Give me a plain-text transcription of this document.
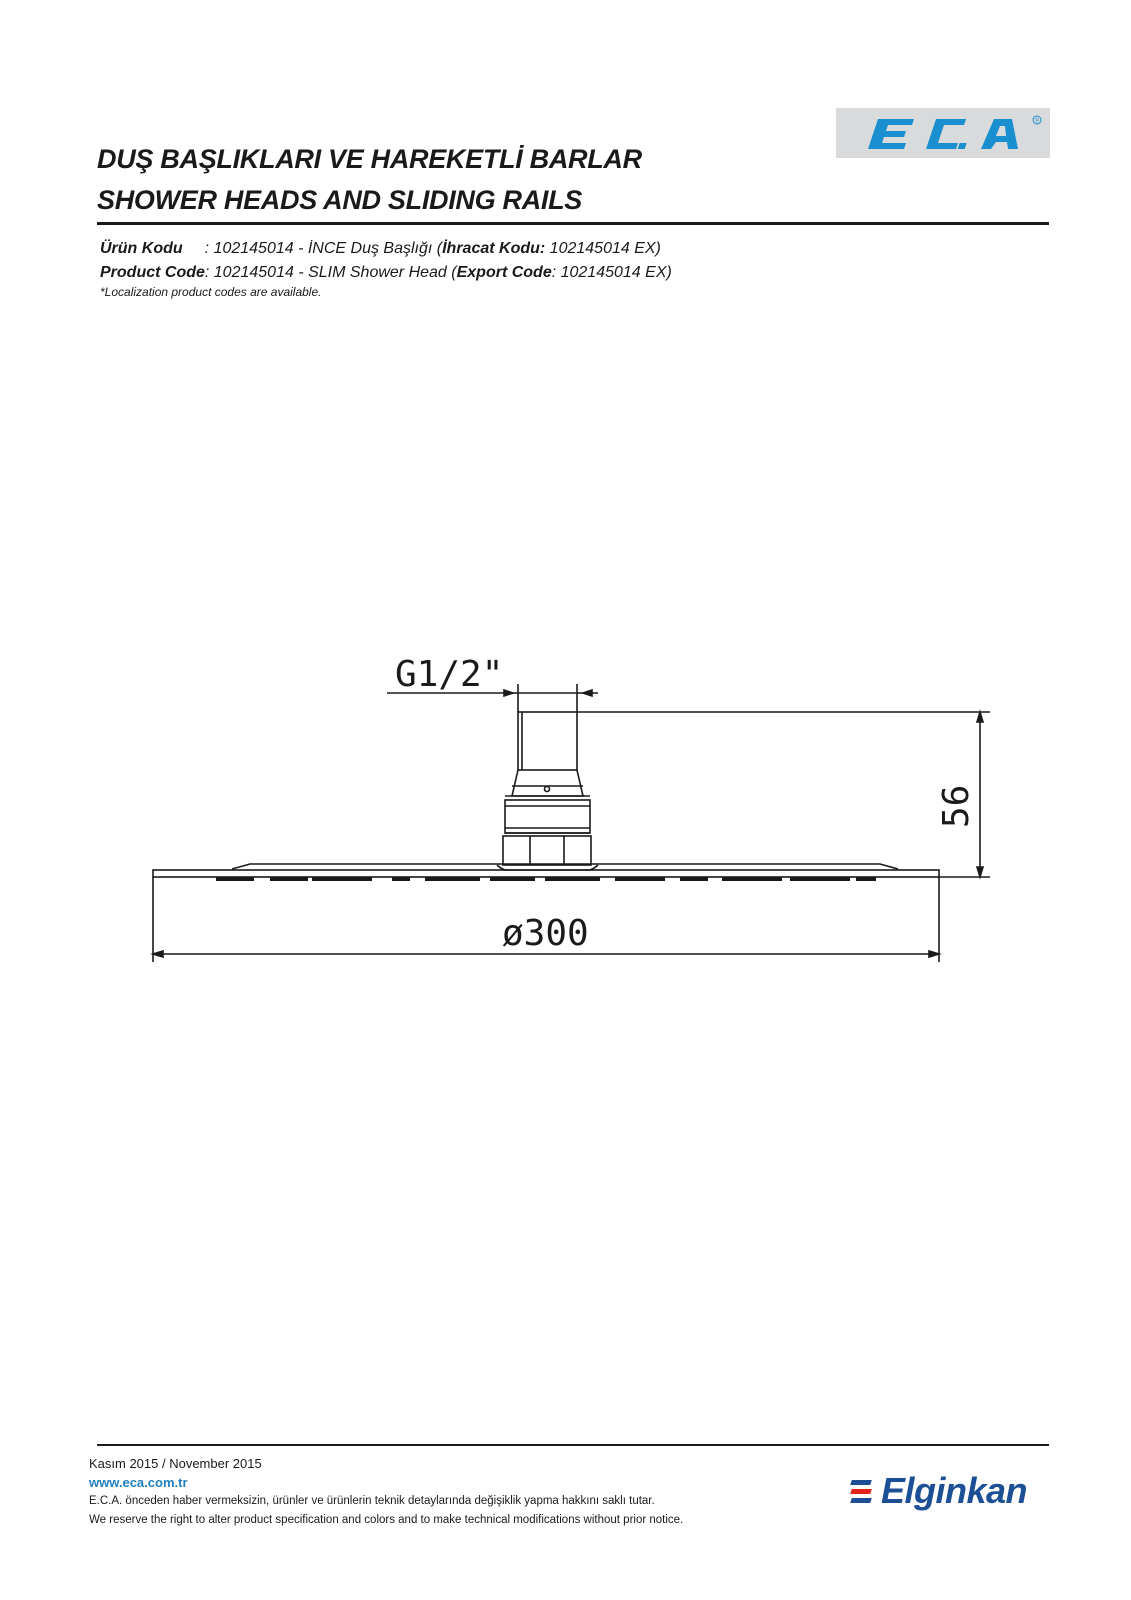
®
DUŞ BAŞLIKLARI VE HAREKETLİ BARLAR
SHOWER HEADS AND SLIDING RAILS
Ürün Kodu : 102145014 - İNCE Duş Başlığı (İhracat Kodu: 102145014 EX)
Product Code: 102145014 - SLIM Shower Head (Export Code: 102145014 EX)
*Localization product codes are available.
G1/2"
56
ø300
Kasım 2015 / November 2015
www.eca.com.tr
E.C.A. önceden haber vermeksizin, ürünler ve ürünlerin teknik detaylarında değişiklik yapma hakkını saklı tutar.
We reserve the right to alter product specification and colors and to make technical modifications without prior notice.
Elginkan
